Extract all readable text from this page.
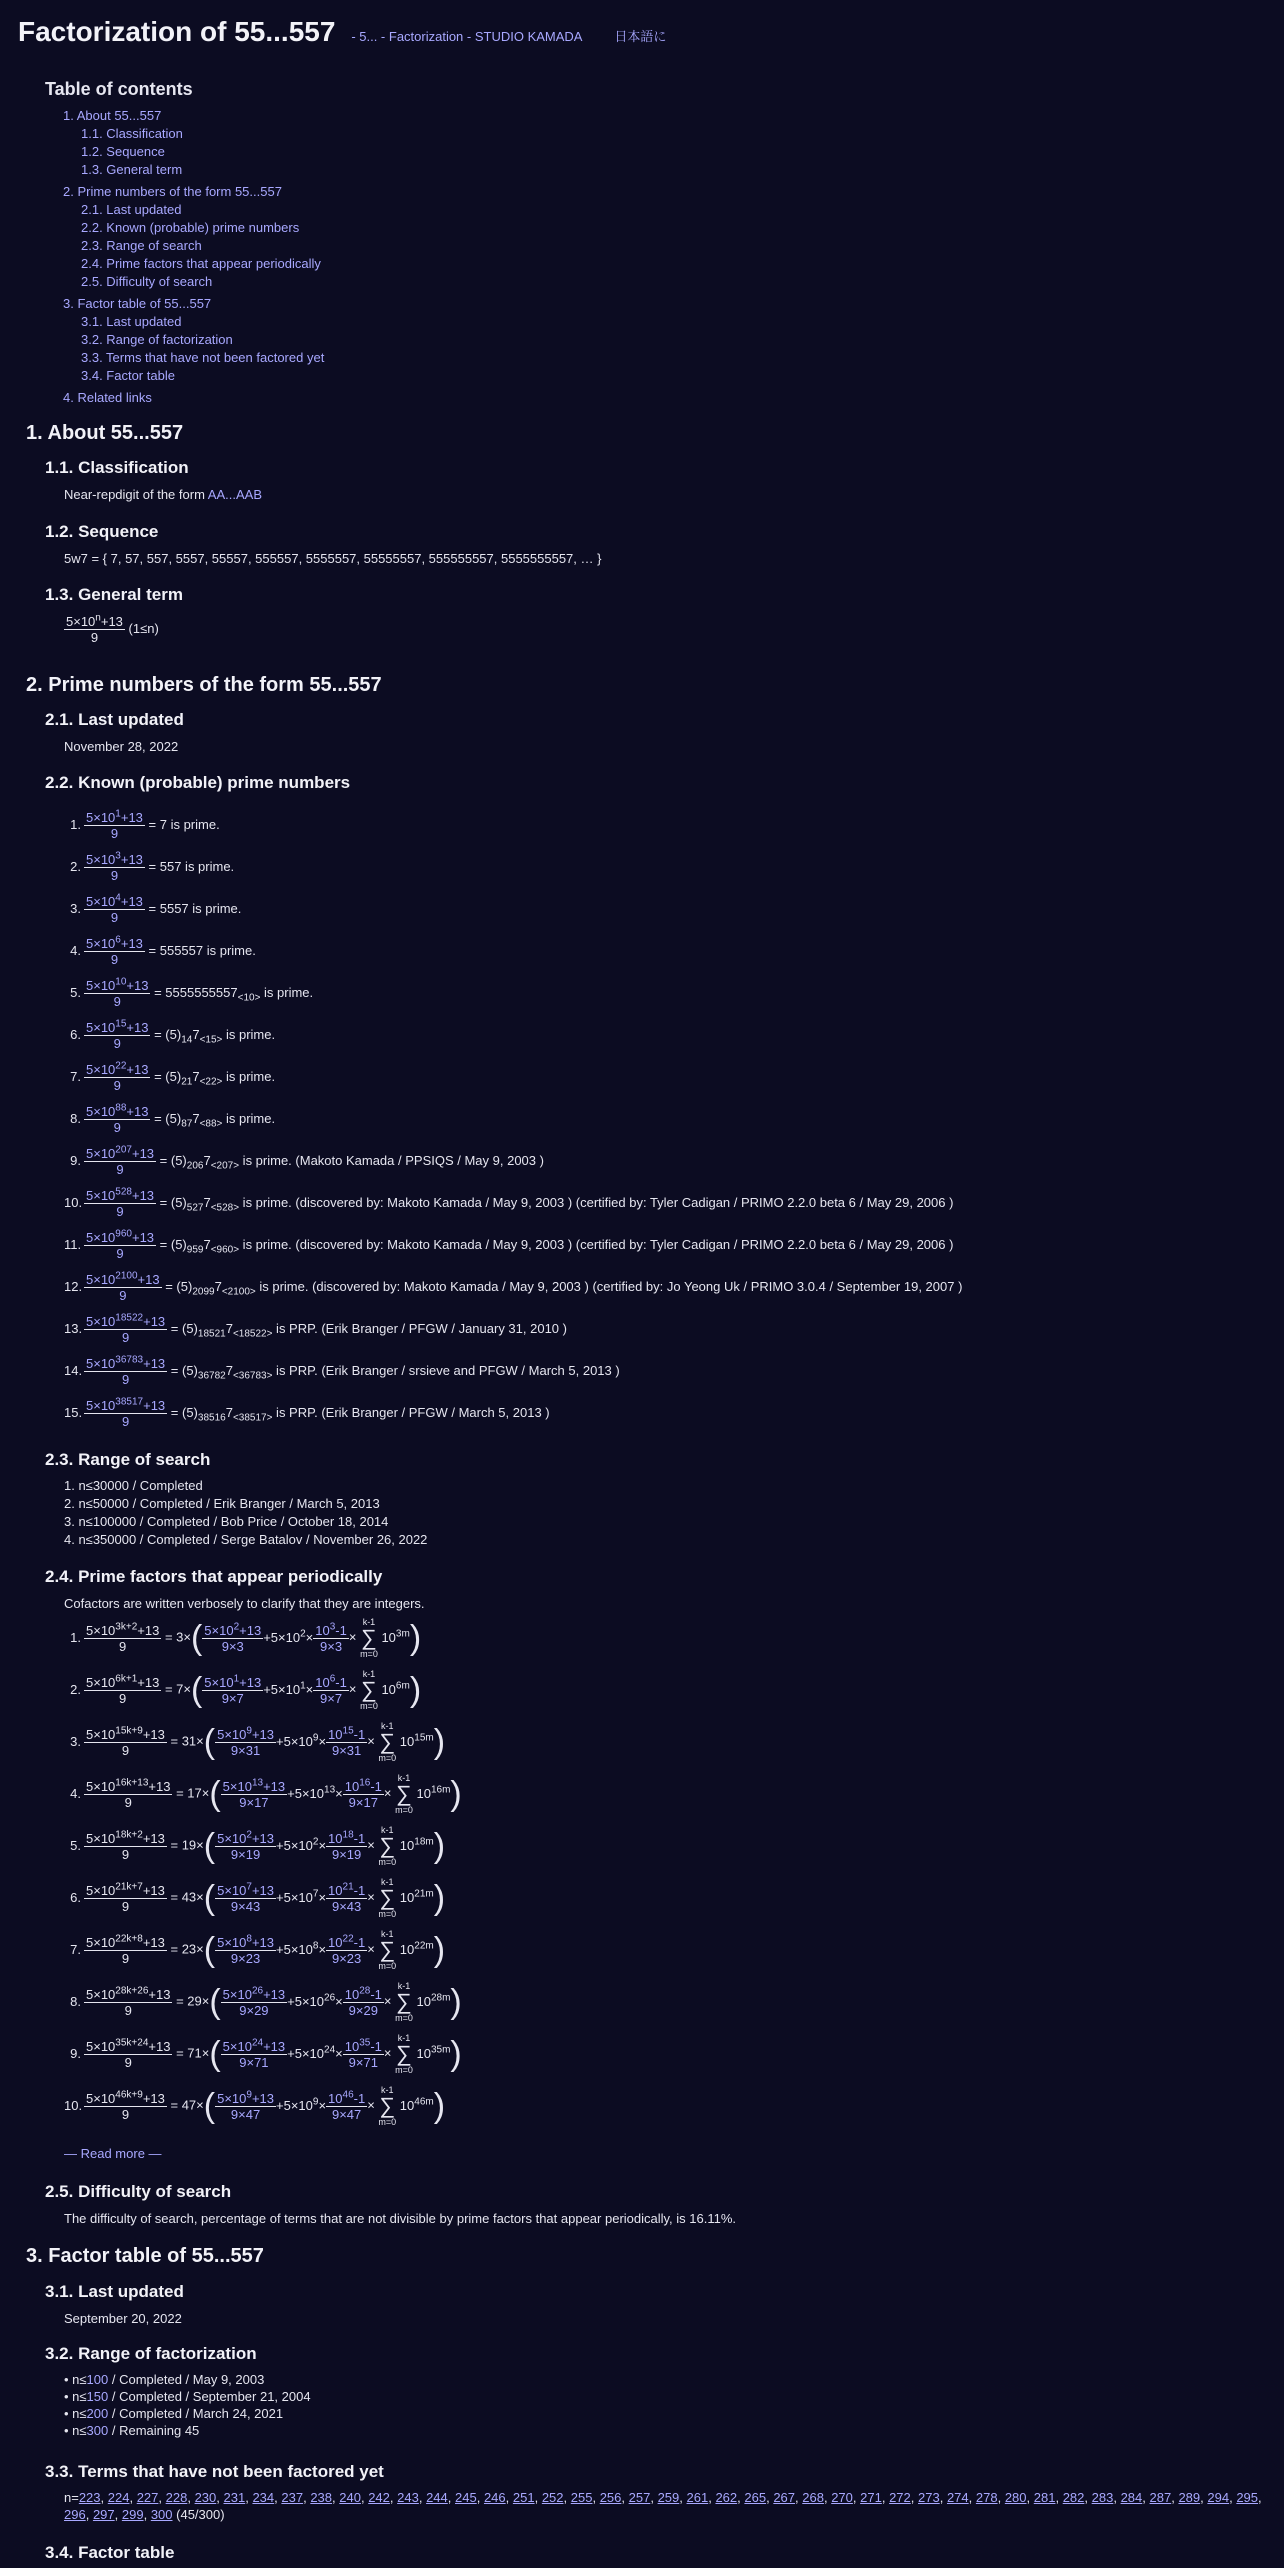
Factorization of 55...557 - 5... - Factorization - STUDIO KAMADA 日本語に
Table of contents
1. About 55...557
1.1. Classification
1.2. Sequence
1.3. General term
2. Prime numbers of the form 55...557
2.1. Last updated
2.2. Known (probable) prime numbers
2.3. Range of search
2.4. Prime factors that appear periodically
2.5. Difficulty of search
3. Factor table of 55...557
3.1. Last updated
3.2. Range of factorization
3.3. Terms that have not been factored yet
3.4. Factor table
4. Related links
1. About 55...557
1.1. Classification
Near-repdigit of the form AA...AAB
1.2. Sequence
5w7 = { 7, 57, 557, 5557, 55557, 555557, 5555557, 55555557, 555555557, 5555555557, … }
1.3. General term
$\frac{5\times 10^n+13}{9} (1\le n)$
2. Prime numbers of the form 55...557
2.1. Last updated
November 28, 2022
2.2. Known (probable) prime numbers
1. $\frac{5\times 10^1+13}{9} = 7$ is prime.
2. $\frac{5\times 10^3+13}{9} = 557$ is prime.
3. $\frac{5\times 10^4+13}{9} = 5557$ is prime.
4. $\frac{5\times 10^6+13}{9} = 555557$ is prime.
5. $\frac{5\times 10^{10}+13}{9} = 5555555557_{<10>}$ is prime.
6. $\frac{5\times 10^{15}+13}{9} = (5)_{14}7_{<15>}$ is prime.
7. $\frac{5\times 10^{22}+13}{9} = (5)_{21}7_{<22>}$ is prime.
8. $\frac{5\times 10^{88}+13}{9} = (5)_{87}7_{<88>}$ is prime.
9. $\frac{5\times 10^{207}+13}{9} = (5)_{206}7_{<207>}$ is prime. (Makoto Kamada / PPSIQS / May 9, 2003 )
10. $\frac{5\times 10^{528}+13}{9} = (5)_{527}7_{<528>}$ is prime. (discovered by: Makoto Kamada / May 9, 2003 ) (certified by: Tyler Cadigan / PRIMO 2.2.0 beta 6 / May 29, 2006 )
11. $\frac{5\times 10^{960}+13}{9} = (5)_{959}7_{<960>}$ is prime. (discovered by: Makoto Kamada / May 9, 2003 ) (certified by: Tyler Cadigan / PRIMO 2.2.0 beta 6 / May 29, 2006 )
12. $\frac{5\times 10^{2100}+13}{9} = (5)_{2099}7_{<2100>}$ is prime. (discovered by: Makoto Kamada / May 9, 2003 ) (certified by: Jo Yeong Uk / PRIMO 3.0.4 / September 19, 2007 )
13. $\frac{5\times 10^{18522}+13}{9} = (5)_{18521}7_{<18522>}$ is PRP. (Erik Branger / PFGW / January 31, 2010 )
14. $\frac{5\times 10^{36783}+13}{9} = (5)_{36782}7_{<36783>}$ is PRP. (Erik Branger / srsieve and PFGW / March 5, 2013 )
15. $\frac{5\times 10^{38517}+13}{9} = (5)_{38516}7_{<38517>}$ is PRP. (Erik Branger / PFGW / March 5, 2013 )
2.3. Range of search
1. n≤30000 / Completed
2. n≤50000 / Completed / Erik Branger / March 5, 2013
3. n≤100000 / Completed / Bob Price / October 18, 2014
4. n≤350000 / Completed / Serge Batalov / November 26, 2022
2.4. Prime factors that appear periodically
Cofactors are written verbosely to clarify that they are integers.
1. $\frac{5\times 10^{3k+2}+13}{9} = 3\times( \frac{5\times 10^2+13}{9\times 3} +5\times 10^2\times \frac{10^3-1}{9\times 3}$ ×
k-1
∑
m=0
$10^{3m}$)
2. $\frac{5\times 10^{6k+1}+13}{9} = 7\times( \frac{5\times 10^1+13}{9\times 7} +5\times 10^1\times \frac{10^6-1}{9\times 7}$ ×
k-1
∑
m=0
$10^{6m}$)
3. $\frac{5\times 10^{15k+9}+13}{9} = 31\times( \frac{5\times 10^9+13}{9\times 31} +5\times 10^9\times \frac{10^{15}-1}{9\times 31}$ ×
k-1
∑
m=0
$10^{15m}$)
4. $\frac{5\times 10^{16k+13}+13}{9} = 17\times( \frac{5\times 10^{13}+13}{9\times 17} +5\times 10^{13}\times \frac{10^{16}-1}{9\times 17}$ ×
k-1
∑
m=0
$10^{16m}$)
5. $\frac{5\times 10^{18k+2}+13}{9} = 19\times( \frac{5\times 10^2+13}{9\times 19} +5\times 10^2\times \frac{10^{18}-1}{9\times 19}$ ×
k-1
∑
m=0
$10^{18m}$)
6. $\frac{5\times 10^{21k+7}+13}{9} = 43\times( \frac{5\times 10^7+13}{9\times 43} +5\times 10^7\times \frac{10^{21}-1}{9\times 43}$ ×
k-1
∑
m=0
$10^{21m}$)
7. $\frac{5\times 10^{22k+8}+13}{9} = 23\times( \frac{5\times 10^8+13}{9\times 23} +5\times 10^8\times \frac{10^{22}-1}{9\times 23}$ ×
k-1
∑
m=0
$10^{22m}$)
8. $\frac{5\times 10^{28k+26}+13}{9} = 29\times( \frac{5\times 10^{26}+13}{9\times 29} +5\times 10^{26}\times \frac{10^{28}-1}{9\times 29}$ ×
k-1
∑
m=0
$10^{28m}$)
9. $\frac{5\times 10^{35k+24}+13}{9} = 71\times( \frac{5\times 10^{24}+13}{9\times 71} +5\times 10^{24}\times \frac{10^{35}-1}{9\times 71}$ ×
k-1
∑
m=0
$10^{35m}$)
10. $\frac{5\times 10^{46k+9}+13}{9} = 47\times( \frac{5\times 10^9+13}{9\times 47} +5\times 10^9\times \frac{10^{46}-1}{9\times 47}$ ×
k-1
∑
m=0
$10^{46m}$)
— Read more —
2.5. Difficulty of search
The difficulty of search, percentage of terms that are not divisible by prime factors that appear periodically, is 16.11%.
3. Factor table of 55...557
3.1. Last updated
September 20, 2022
3.2. Range of factorization
• n≤100 / Completed / May 9, 2003
• n≤150 / Completed / September 21, 2004
• n≤200 / Completed / March 24, 2021
• n≤300 / Remaining 45
3.3. Terms that have not been factored yet
n=223, 224, 227, 228, 230, 231, 234, 237, 238, 240, 242, 243, 244, 245, 246, 251, 252, 255, 256, 257, 259, 261, 262, 265, 267, 268, 270, 271, 272, 273, 274, 278, 280, 281, 282, 283, 284, 287, 289, 294, 295, 296, 297, 299, 300 (45/300)
3.4. Factor table
